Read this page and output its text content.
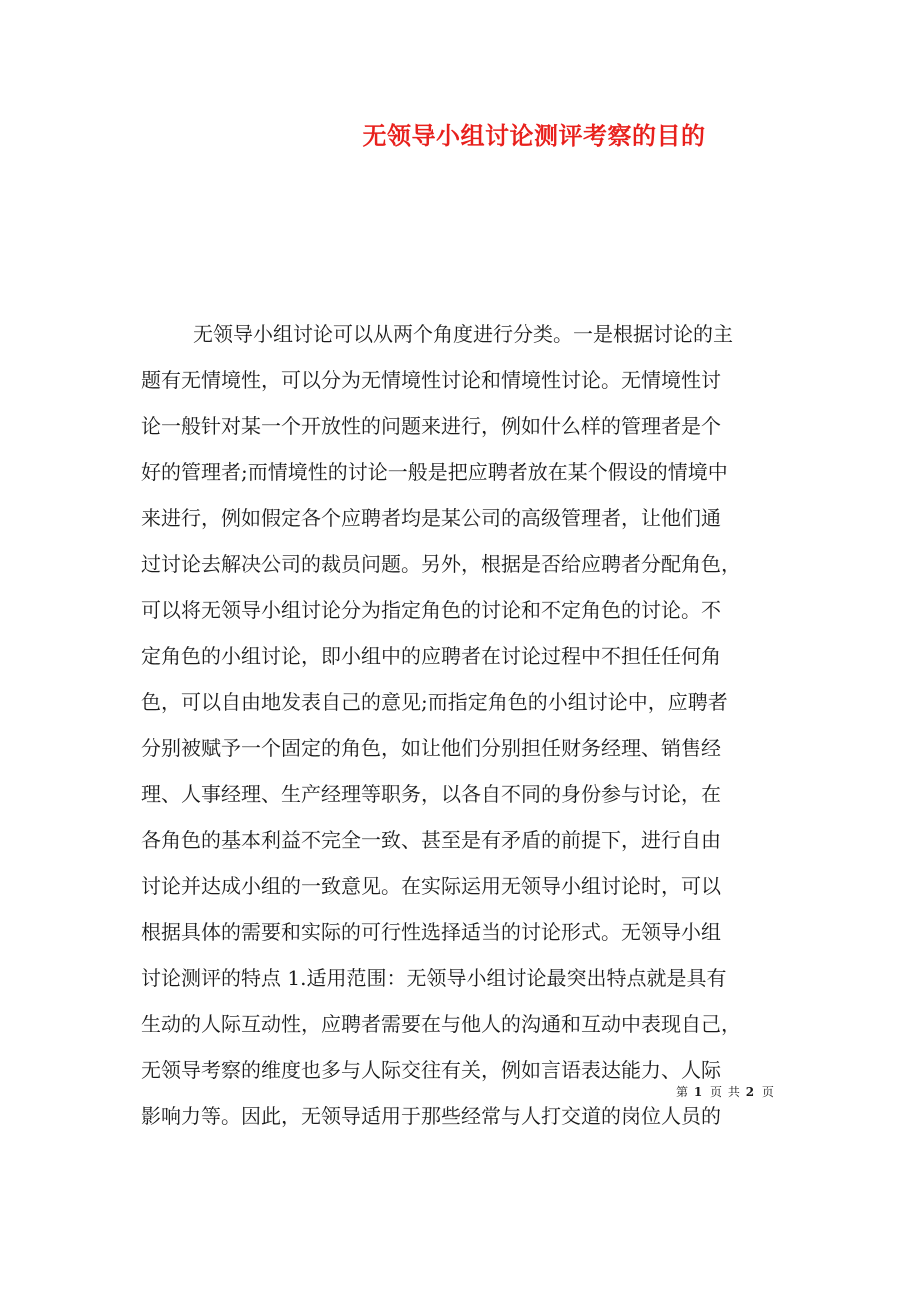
无领导小组讨论测评考察的目的
无领导小组讨论可以从两个角度进行分类。一是根据讨论的主
题有无情境性，可以分为无情境性讨论和情境性讨论。无情境性讨
论一般针对某一个开放性的问题来进行，例如什么样的管理者是个
好的管理者;而情境性的讨论一般是把应聘者放在某个假设的情境中
来进行，例如假定各个应聘者均是某公司的高级管理者，让他们通
过讨论去解决公司的裁员问题。另外，根据是否给应聘者分配角色，
可以将无领导小组讨论分为指定角色的讨论和不定角色的讨论。不
定角色的小组讨论，即小组中的应聘者在讨论过程中不担任任何角
色，可以自由地发表自己的意见;而指定角色的小组讨论中，应聘者
分别被赋予一个固定的角色，如让他们分别担任财务经理、销售经
理、人事经理、生产经理等职务，以各自不同的身份参与讨论，在
各角色的基本利益不完全一致、甚至是有矛盾的前提下，进行自由
讨论并达成小组的一致意见。在实际运用无领导小组讨论时，可以
根据具体的需要和实际的可行性选择适当的讨论形式。无领导小组
讨论测评的特点 1.适用范围：无领导小组讨论最突出特点就是具有
生动的人际互动性，应聘者需要在与他人的沟通和互动中表现自己，
无领导考察的维度也多与人际交往有关，例如言语表达能力、人际
影响力等。因此，无领导适用于那些经常与人打交道的岗位人员的
第 1 页 共 2 页
